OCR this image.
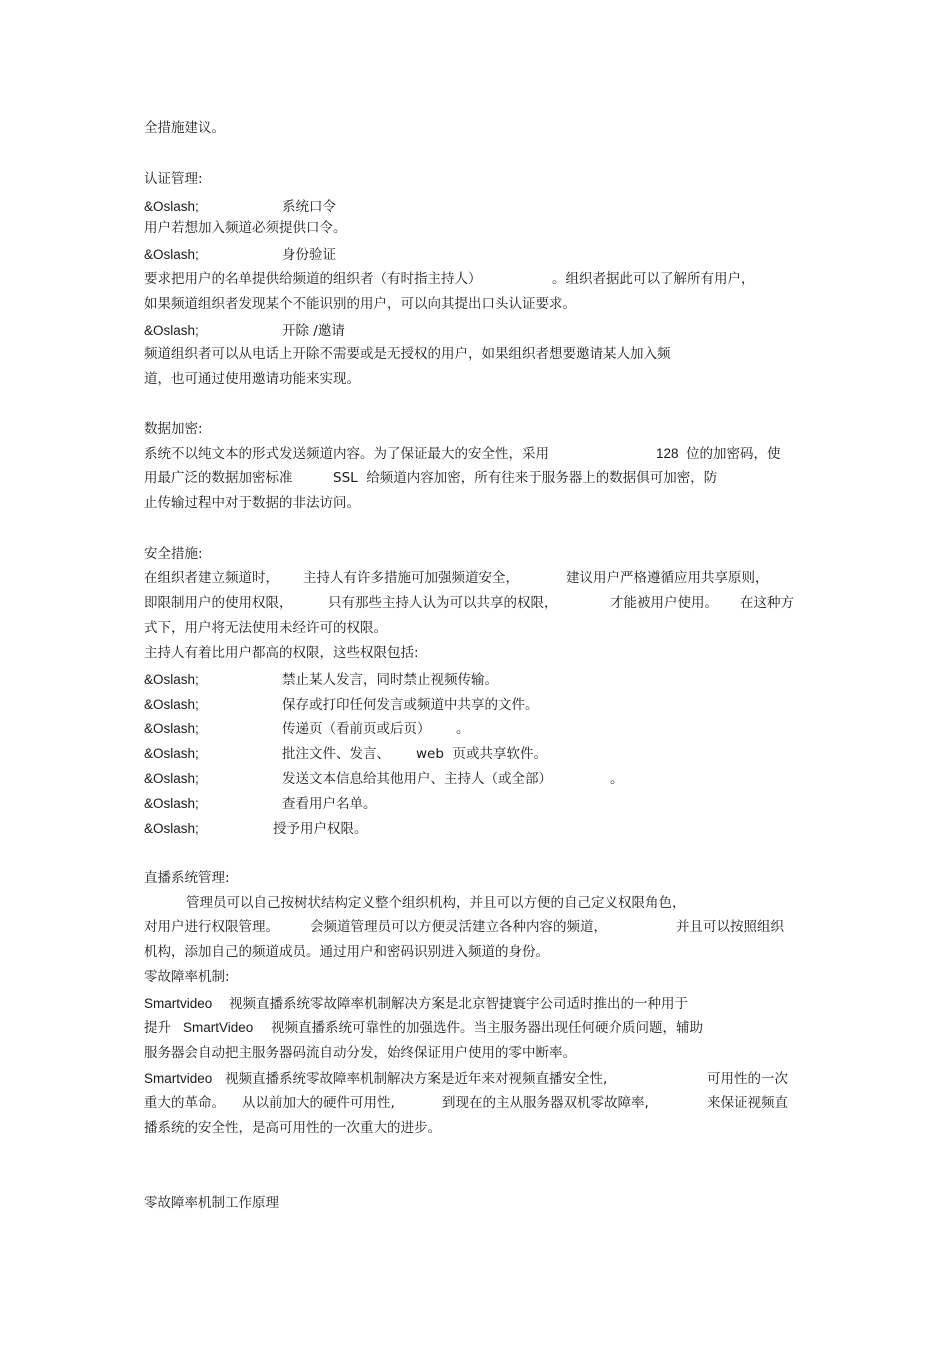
全措施建议。
认证管理:
&Oslash;	系统口令
用户若想加入频道必须提供口令。
&Oslash;	身份验证
要求把用户的名单提供给频道的组织者（有时指主持人）	。组织者据此可以了解所有用户，
如果频道组织者发现某个不能识别的用户，可以向其提出口头认证要求。
&Oslash;	开除 /邀请
频道组织者可以从电话上开除不需要或是无授权的用户，如果组织者想要邀请某人加入频
道，也可通过使用邀请功能来实现。
数据加密:
系统不以纯文本的形式发送频道内容。为了保证最大的安全性，采用	128  位的加密码，使
用最广泛的数据加密标准	SSL  给频道内容加密，所有往来于服务器上的数据俱可加密，防
止传输过程中对于数据的非法访问。
安全措施:
在组织者建立频道时， 主持人有许多措施可加强频道安全，	建议用户严格遵循应用共享原则，
即限制用户的使用权限，	只有那些主持人认为可以共享的权限，	才能被用户使用。 在这种方
式下，用户将无法使用未经许可的权限。
主持人有着比用户都高的权限，这些权限包括:
&Oslash;	禁止某人发言，同时禁止视频传输。
&Oslash;	保存或打印任何发言或频道中共享的文件。
&Oslash;	传递页（看前页或后页） 。
&Oslash;	批注文件、发言、 web  页或共享软件。
&Oslash;	发送文本信息给其他用户、主持人（或全部）	。
&Oslash;	查看用户名单。
&Oslash;	授予用户权限。
直播系统管理:
管理员可以自己按树状结构定义整个组织机构，并且可以方便的自己定义权限角色，
对用户进行权限管理。 会频道管理员可以方便灵活建立各种内容的频道，	并且可以按照组织
机构，添加自己的频道成员。通过用户和密码识别进入频道的身份。
零故障率机制:
Smartvideo 视频直播系统零故障率机制解决方案是北京智捷寰宇公司适时推出的一种用于
提升 SmartVideo 视频直播系统可靠性的加强选件。当主服务器出现任何硬介质问题，辅助
服务器会自动把主服务器码流自动分发，始终保证用户使用的零中断率。
Smartvideo 视频直播系统零故障率机制解决方案是近年来对视频直播安全性,	可用性的一次
重大的革命。 从以前加大的硬件可用性,	到现在的主从服务器双机零故障率,	来保证视频直
播系统的安全性，是高可用性的一次重大的进步。
零故障率机制工作原理
